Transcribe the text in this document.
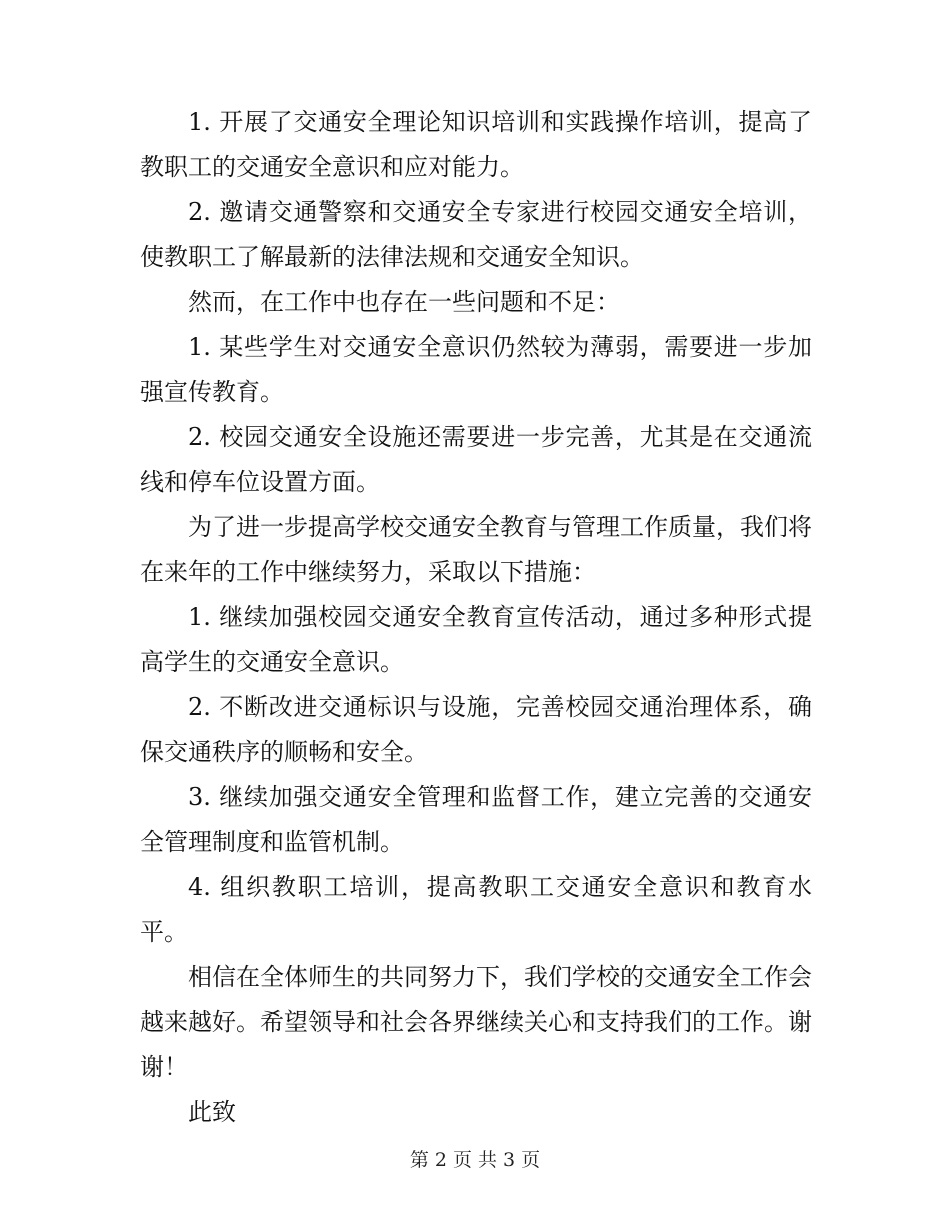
1. 开展了交通安全理论知识培训和实践操作培训，提高了教职工的交通安全意识和应对能力。

2. 邀请交通警察和交通安全专家进行校园交通安全培训，使教职工了解最新的法律法规和交通安全知识。

然而，在工作中也存在一些问题和不足：

1. 某些学生对交通安全意识仍然较为薄弱，需要进一步加强宣传教育。

2. 校园交通安全设施还需要进一步完善，尤其是在交通流线和停车位设置方面。

为了进一步提高学校交通安全教育与管理工作质量，我们将在来年的工作中继续努力，采取以下措施：

1. 继续加强校园交通安全教育宣传活动，通过多种形式提高学生的交通安全意识。

2. 不断改进交通标识与设施，完善校园交通治理体系，确保交通秩序的顺畅和安全。

3. 继续加强交通安全管理和监督工作，建立完善的交通安全管理制度和监管机制。

4. 组织教职工培训，提高教职工交通安全意识和教育水平。

相信在全体师生的共同努力下，我们学校的交通安全工作会越来越好。希望领导和社会各界继续关心和支持我们的工作。谢谢！

此致

第 2 页 共 3 页
